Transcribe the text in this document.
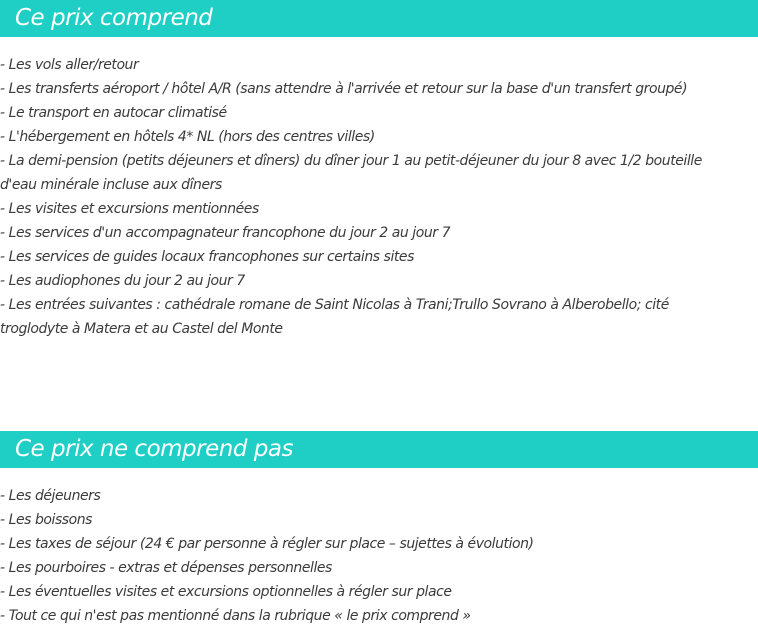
Ce prix comprend
- Les vols aller/retour
- Les transferts aéroport / hôtel A/R (sans attendre à l'arrivée et retour sur la base d'un transfert groupé)
- Le transport en autocar climatisé
- L'hébergement en hôtels 4* NL (hors des centres villes)
- La demi-pension (petits déjeuners et dîners) du dîner jour 1 au petit-déjeuner du jour 8 avec 1/2 bouteille d'eau minérale incluse aux dîners
- Les visites et excursions mentionnées
- Les services d'un accompagnateur francophone du jour 2 au jour 7
- Les services de guides locaux francophones sur certains sites
- Les audiophones du jour 2 au jour 7
- Les entrées suivantes : cathédrale romane de Saint Nicolas à Trani;Trullo Sovrano à Alberobello; cité troglodyte à Matera et au Castel del Monte
Ce prix ne comprend pas
- Les déjeuners
- Les boissons
- Les taxes de séjour (24 € par personne à régler sur place – sujettes à évolution)
- Les pourboires - extras et dépenses personnelles
- Les éventuelles visites et excursions optionnelles à régler sur place
- Tout ce qui n'est pas mentionné dans la rubrique « le prix comprend »
